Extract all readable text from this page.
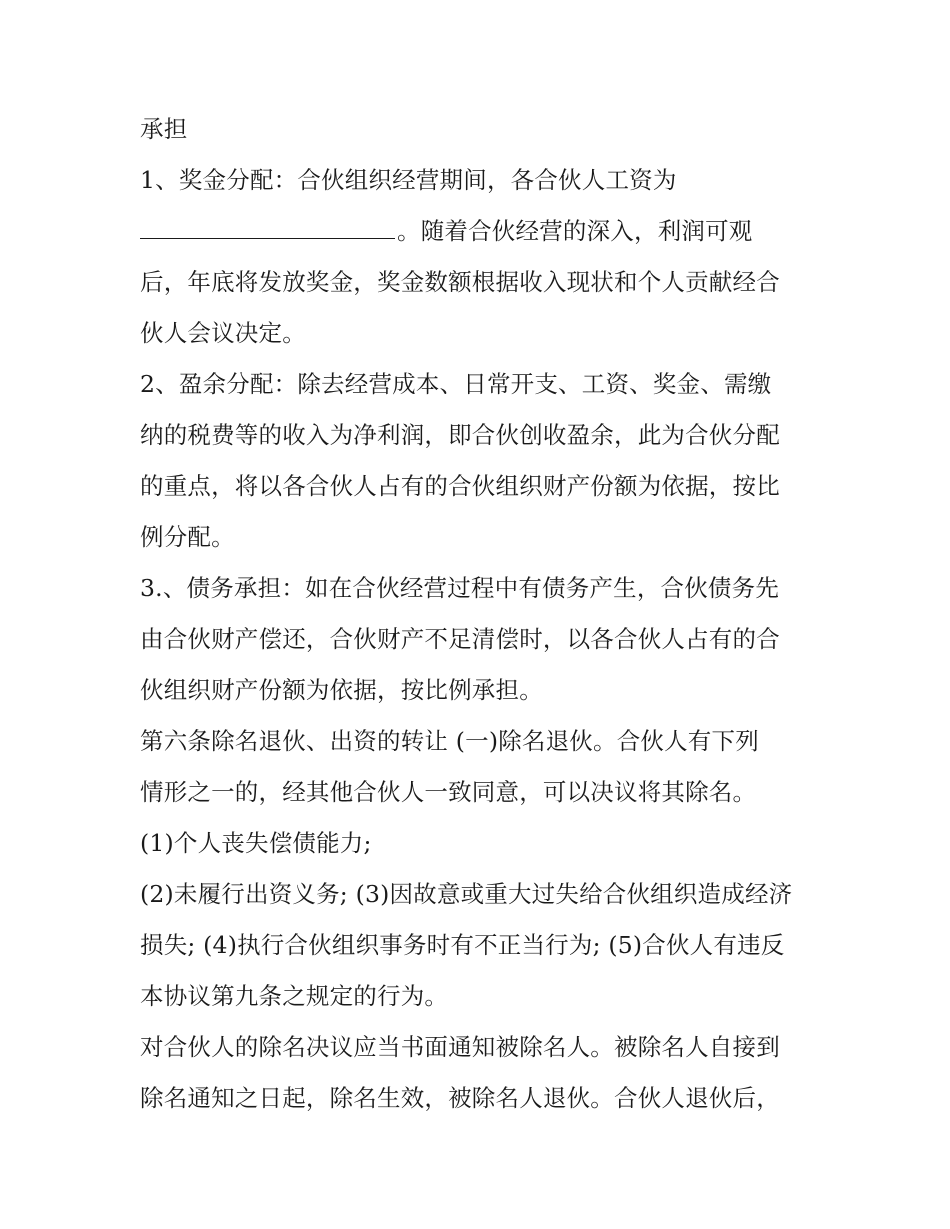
承担
1、奖金分配：合伙组织经营期间，各合伙人工资为
。随着合伙经营的深入，利润可观
后，年底将发放奖金，奖金数额根据收入现状和个人贡献经合
伙人会议决定。
2、盈余分配：除去经营成本、日常开支、工资、奖金、需缴
纳的税费等的收入为净利润，即合伙创收盈余，此为合伙分配
的重点，将以各合伙人占有的合伙组织财产份额为依据，按比
例分配。
3.、债务承担：如在合伙经营过程中有债务产生，合伙债务先
由合伙财产偿还，合伙财产不足清偿时，以各合伙人占有的合
伙组织财产份额为依据，按比例承担。
第六条除名退伙、出资的转让 (一)除名退伙。合伙人有下列
情形之一的，经其他合伙人一致同意，可以决议将其除名。
(1)个人丧失偿债能力;
(2)未履行出资义务; (3)因故意或重大过失给合伙组织造成经济
损失; (4)执行合伙组织事务时有不正当行为; (5)合伙人有违反
本协议第九条之规定的行为。
对合伙人的除名决议应当书面通知被除名人。被除名人自接到
除名通知之日起，除名生效，被除名人退伙。合伙人退伙后，
